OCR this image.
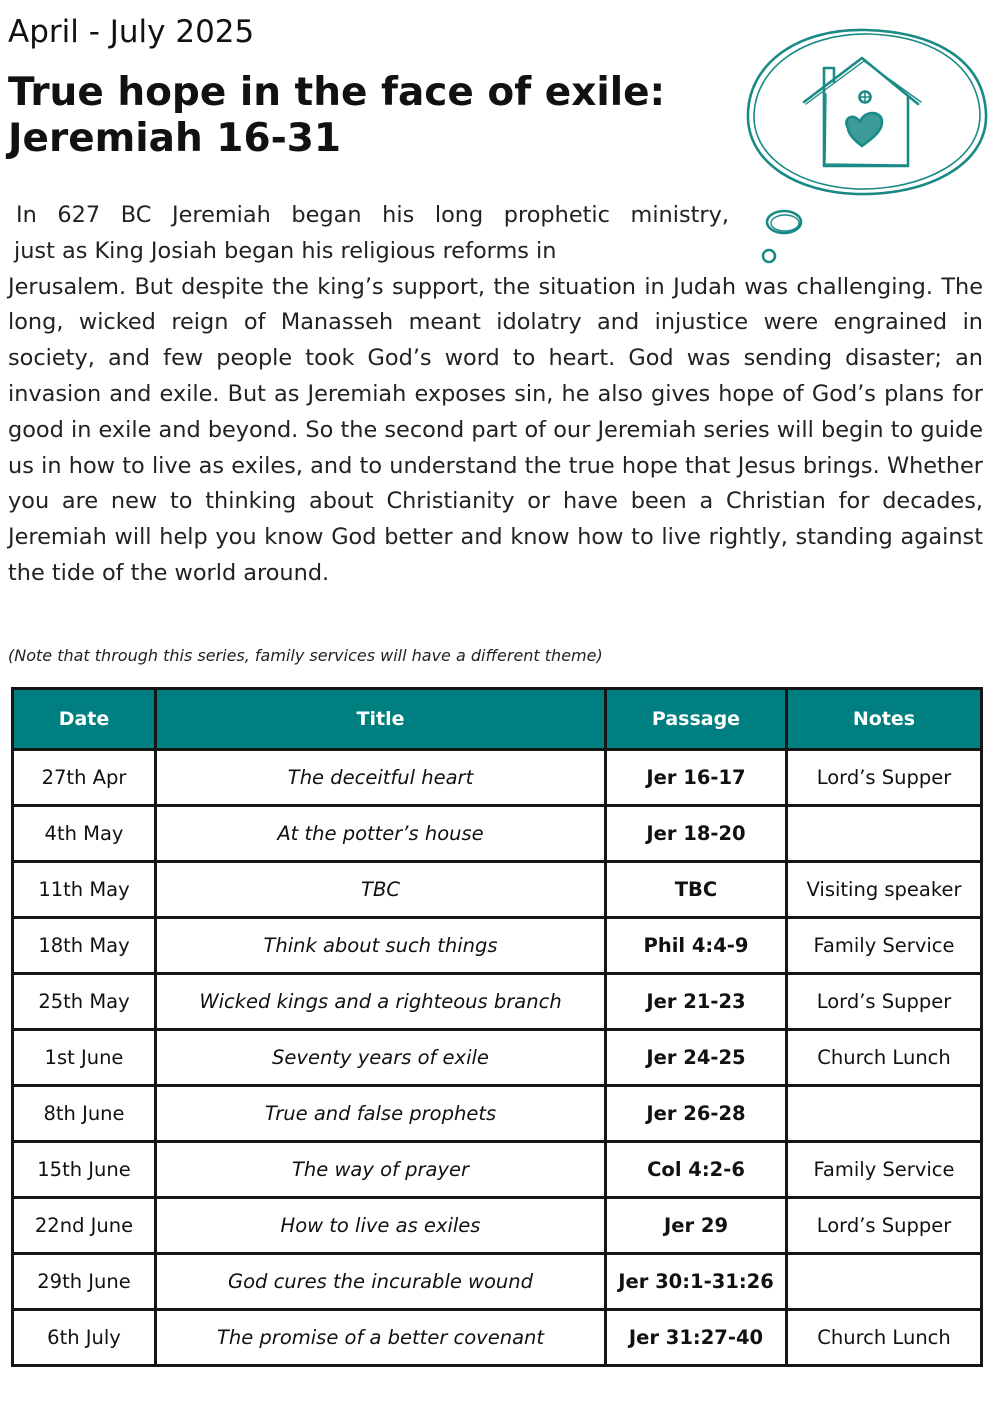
April - July 2025
True hope in the face of exile:
Jeremiah 16-31
In 627 BC Jeremiah began his long prophetic ministry,
just as King Josiah began his religious reforms in
Jerusalem. But despite the king’s support, the situation in Judah was challenging. The long, wicked reign of Manasseh meant idolatry and injustice were engrained in society, and few people took God’s word to heart. God was sending disaster; an invasion and exile. But as Jeremiah exposes sin, he also gives hope of God’s plans for good in exile and beyond. So the second part of our Jeremiah series will begin to guide us in how to live as exiles, and to understand the true hope that Jesus brings. Whether you are new to thinking about Christianity or have been a Christian for decades, Jeremiah will help you know God better and know how to live rightly, standing against the tide of the world around.
(Note that through this series, family services will have a different theme)
Date	Title	Passage	Notes
27th Apr	The deceitful heart	Jer 16-17	Lord’s Supper
4th May	At the potter’s house	Jer 18-20	
11th May	TBC	TBC	Visiting speaker
18th May	Think about such things	Phil 4:4-9	Family Service
25th May	Wicked kings and a righteous branch	Jer 21-23	Lord’s Supper
1st June	Seventy years of exile	Jer 24-25	Church Lunch
8th June	True and false prophets	Jer 26-28	
15th June	The way of prayer	Col 4:2-6	Family Service
22nd June	How to live as exiles	Jer 29	Lord’s Supper
29th June	God cures the incurable wound	Jer 30:1-31:26	
6th July	The promise of a better covenant	Jer 31:27-40	Church Lunch
